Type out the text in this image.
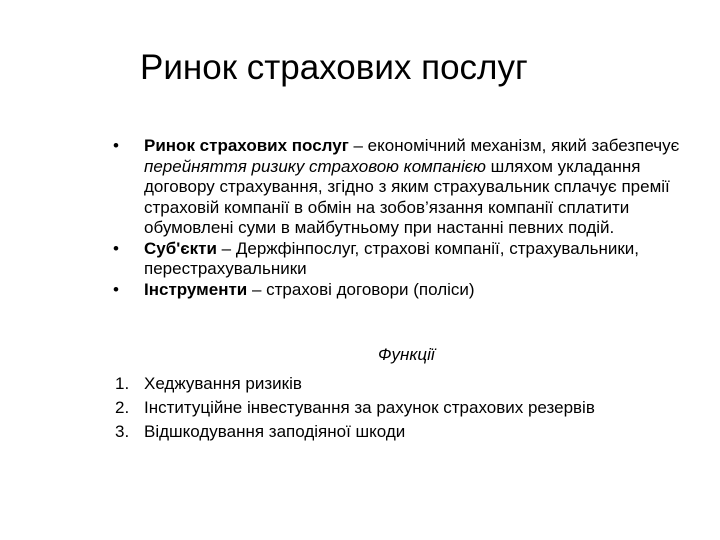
Ринок страхових послуг
• Ринок страхових послуг – економічний механізм, який забезпечує перейняття ризику страховою компанією шляхом укладання договору страхування, згідно з яким страхувальник сплачує премії страховій компанії в обмін на зобов’язання компанії сплатити обумовлені суми в майбутньому при настанні певних подій.
• Суб'єкти – Держфінпослуг, страхові компанії, страхувальники, перестрахувальники
• Інструменти – страхові договори (поліси)
Функції
1. Хеджування ризиків
2. Інституційне інвестування за рахунок страхових резервів
3. Відшкодування заподіяної шкоди
